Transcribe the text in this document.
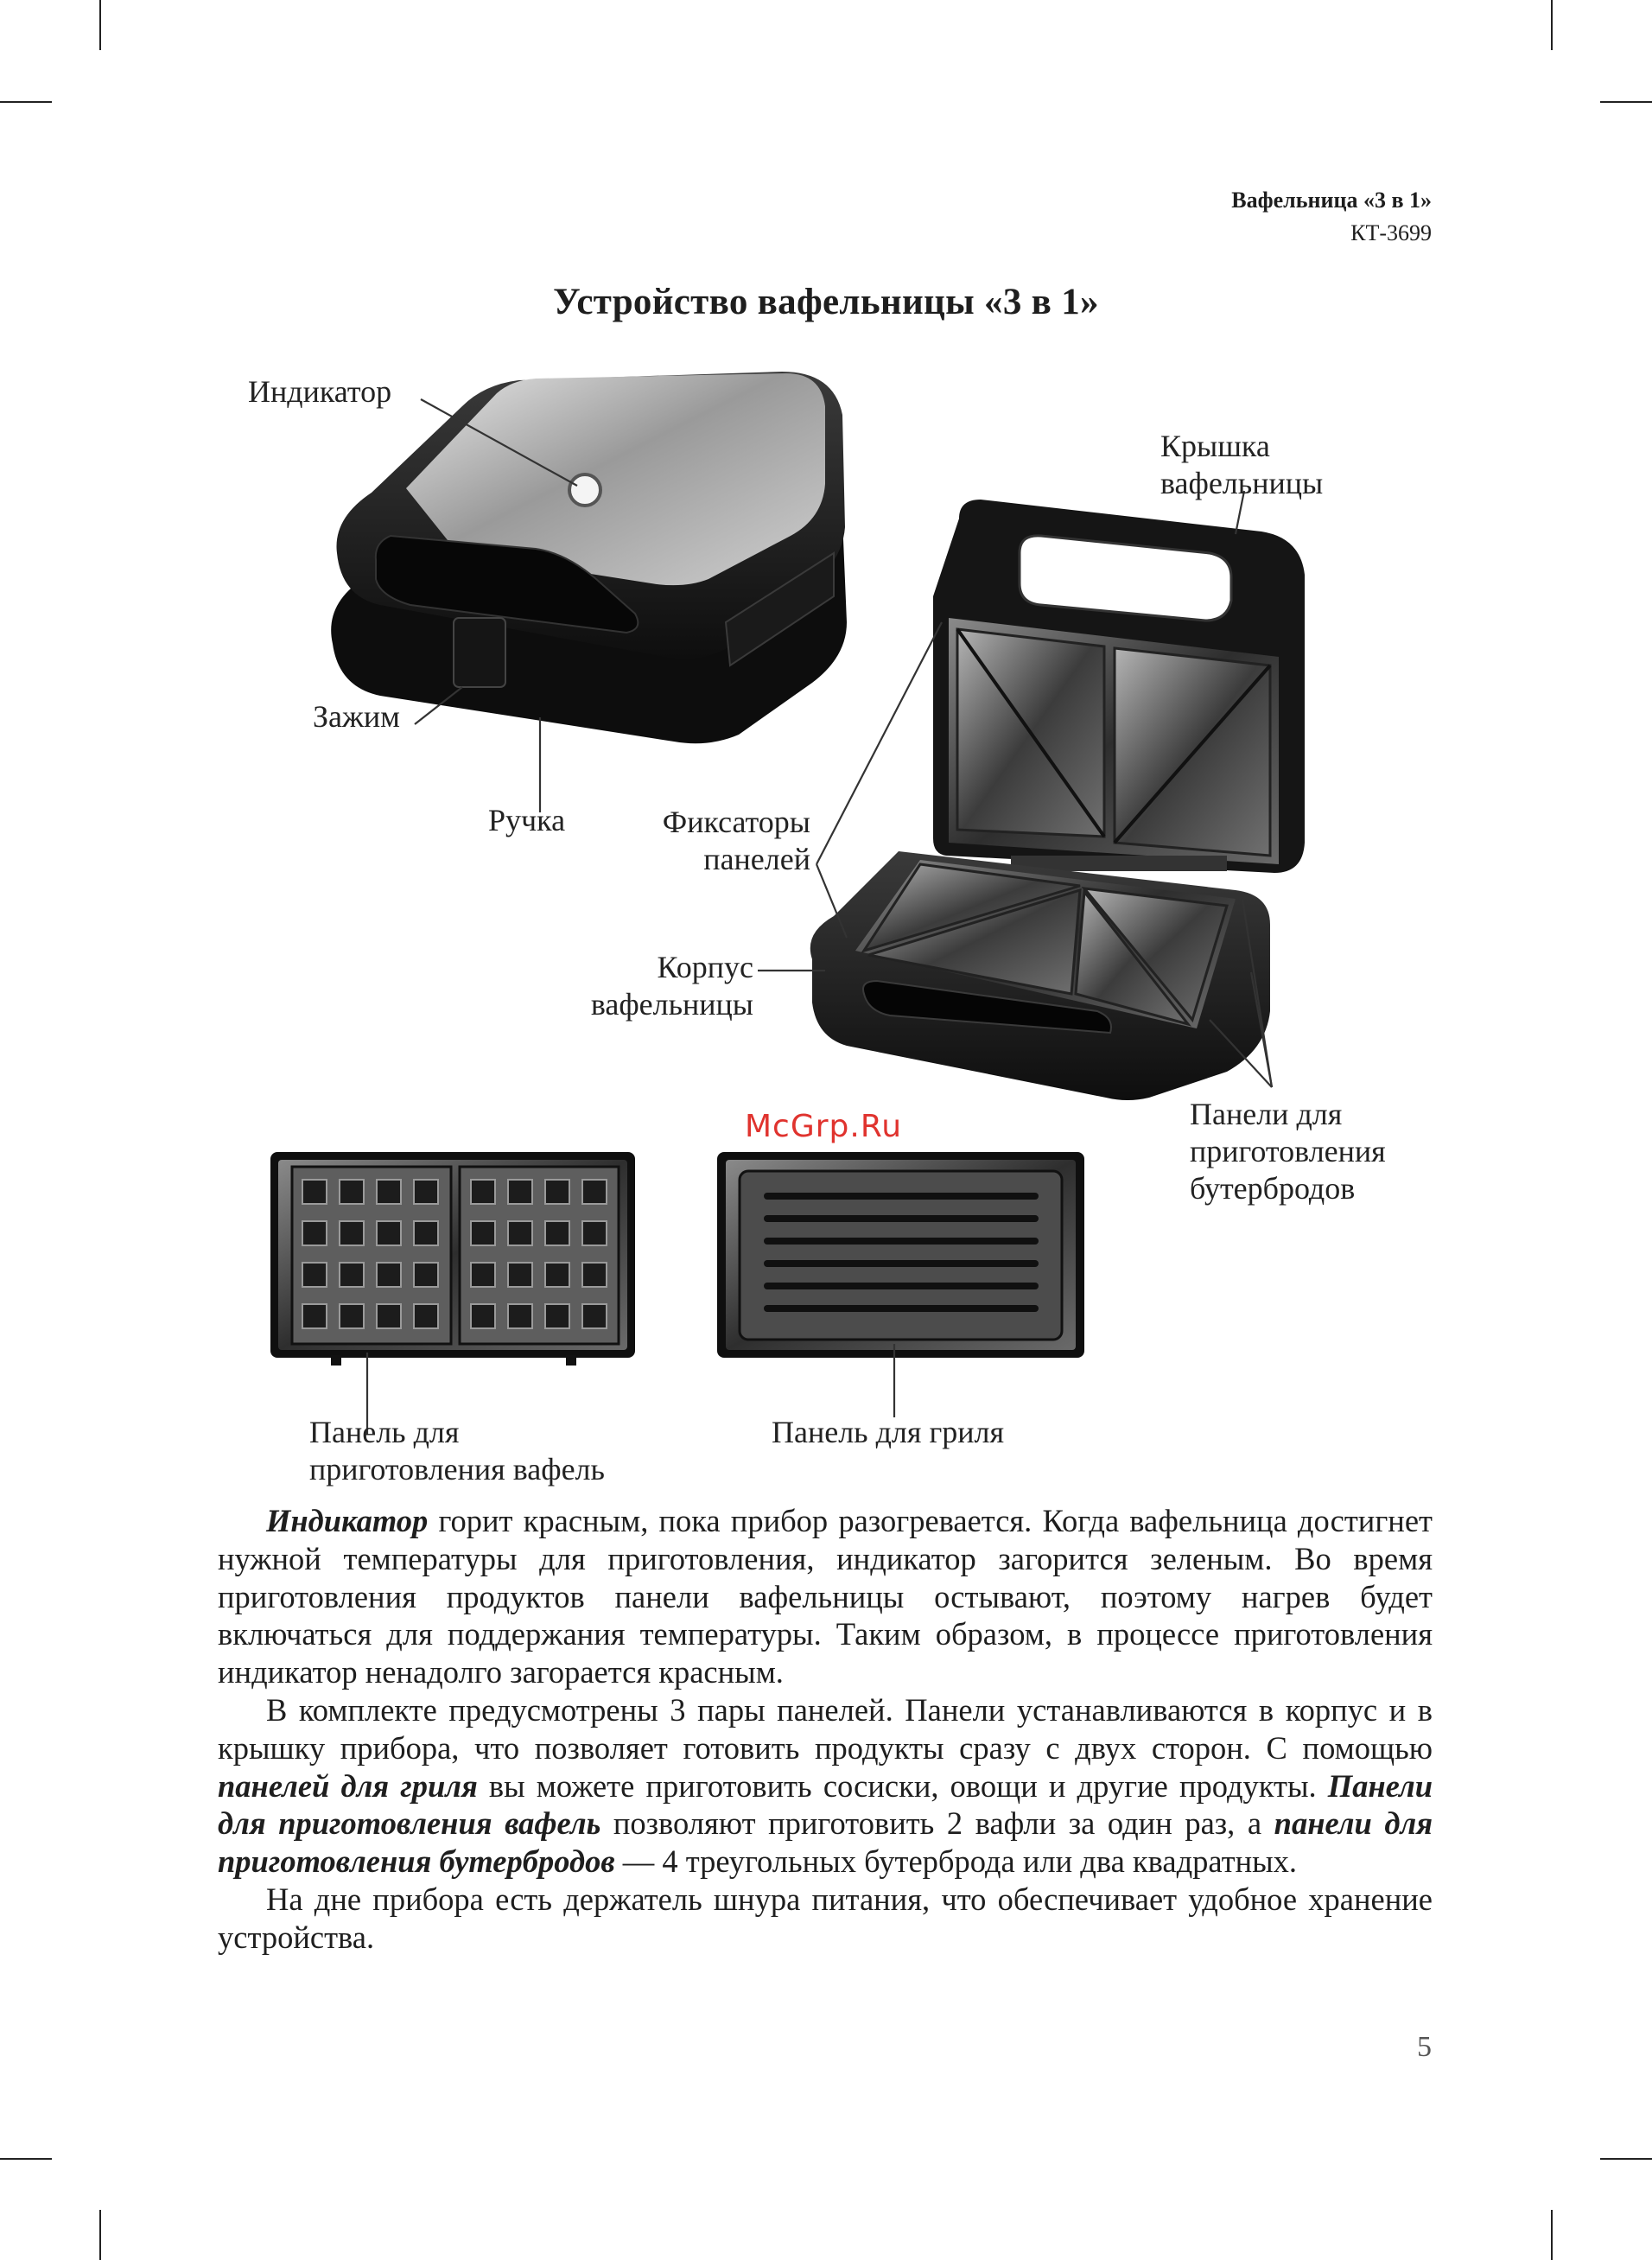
Вафельница «3 в 1»
КТ-3699
Устройство вафельницы «3 в 1»
Индикатор
Крышка
вафельницы
Зажим
Ручка	Фиксаторы
панелей
Корпус
вафельницы
McGrp.Ru	Панели для
приготовления
бутербродов
Панель для
приготовления вафель
Панель для гриля

Индикатор горит красным, пока прибор разогревается. Когда вафельница достигнет нужной температуры для приготовления, индикатор загорится зеленым. Во время приготовления продуктов панели вафельницы остывают, поэтому нагрев будет включаться для поддержания температуры. Таким образом, в процессе приготовления индикатор ненадолго загорается красным.

В комплекте предусмотрены 3 пары панелей. Панели устанавливаются в корпус и в крышку прибора, что позволяет готовить продукты сразу с двух сторон. С помощью панелей для гриля вы можете приготовить сосиски, овощи и другие продукты. Панели для приготовления вафель позволяют приготовить 2 вафли за один раз, а панели для приготовления бутербродов — 4 треугольных бутерброда или два квадратных.

На дне прибора есть держатель шнура питания, что обеспечивает удобное хранение устройства.

5
